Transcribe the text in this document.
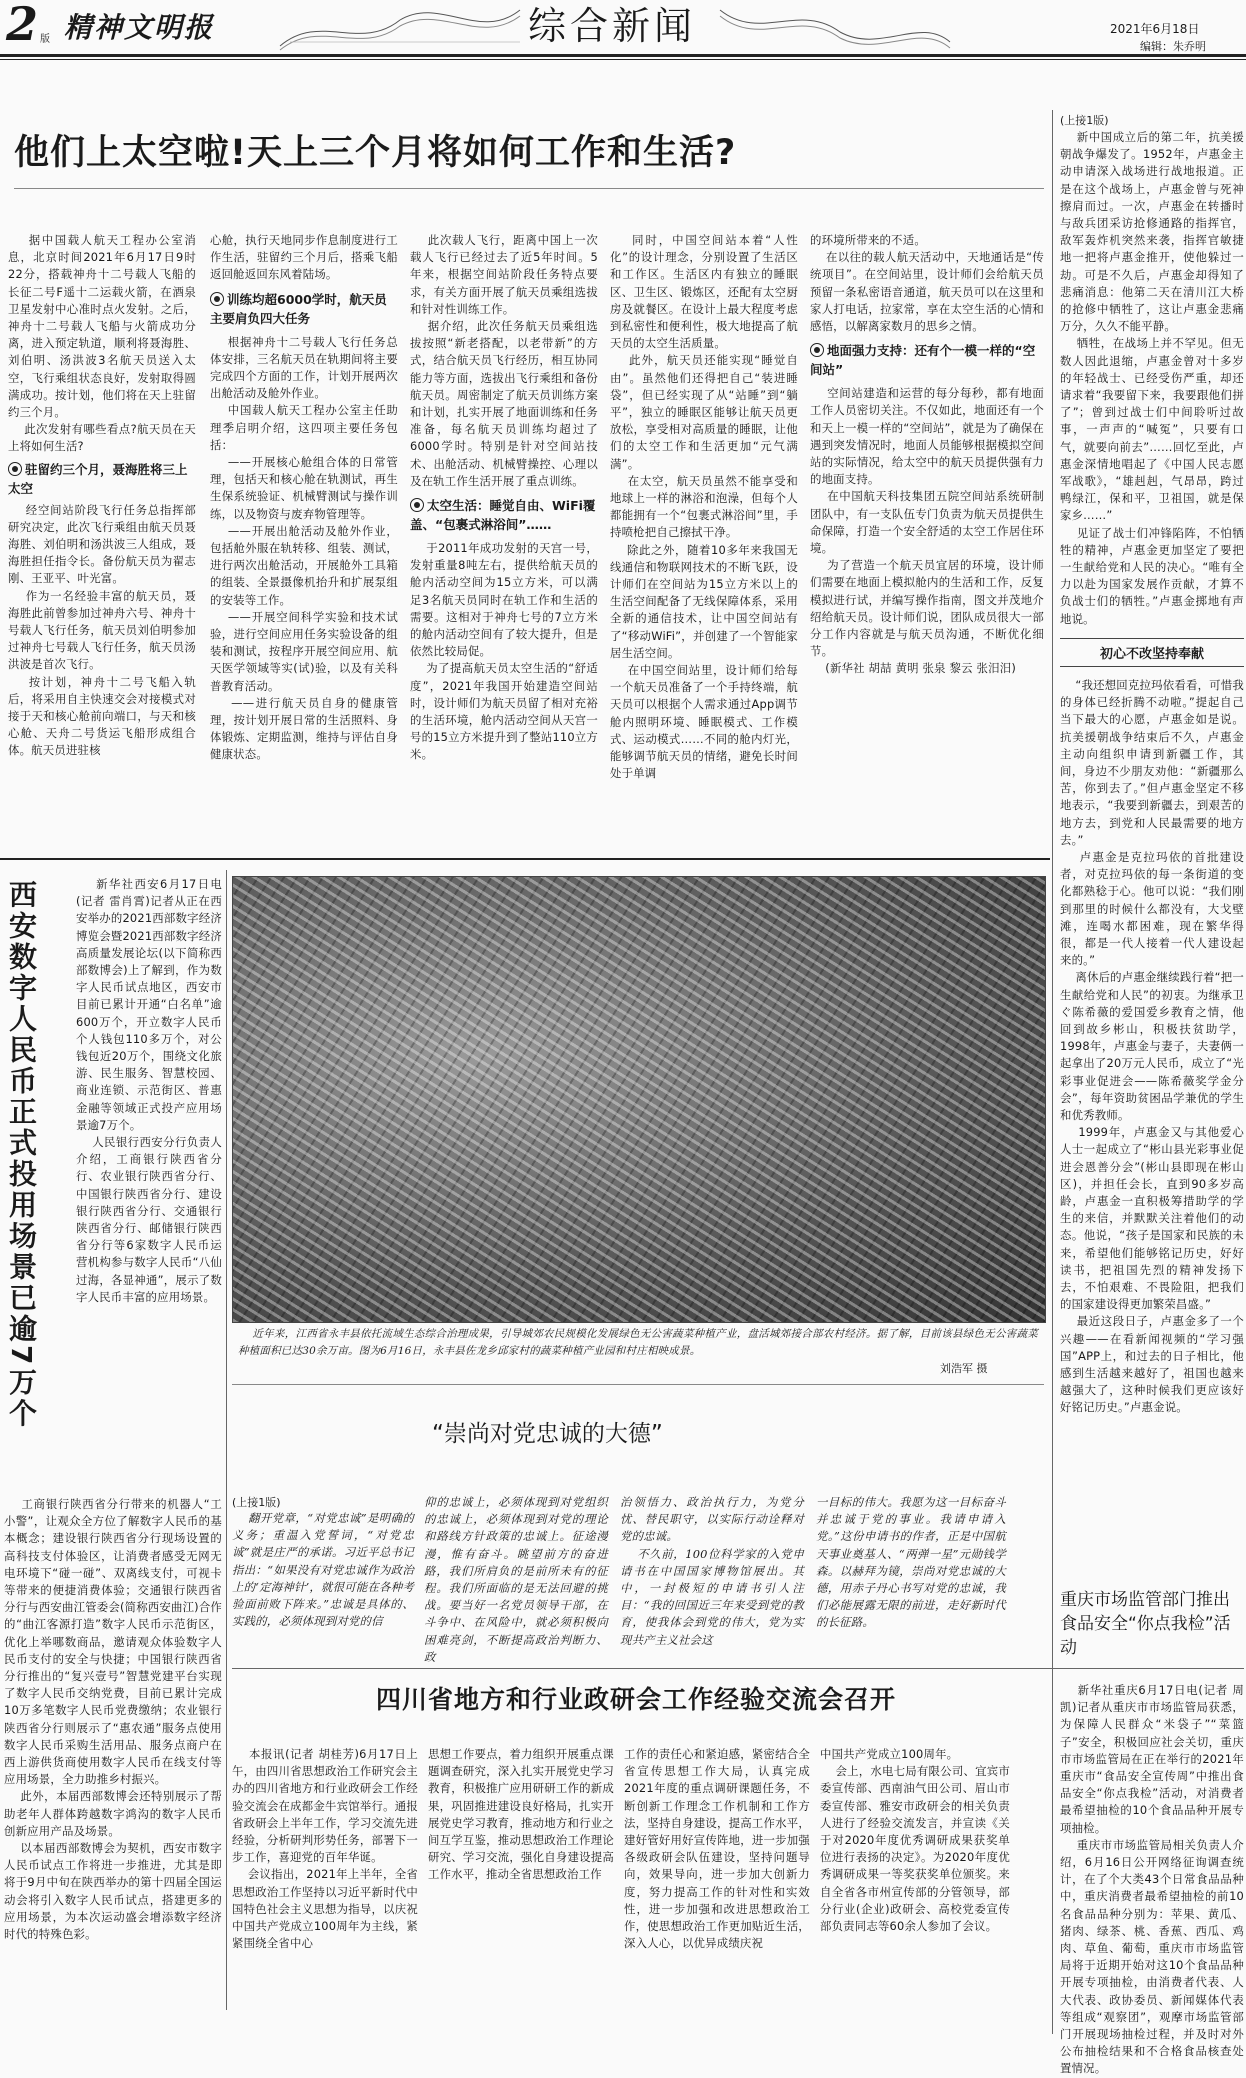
2 版 精神文明报	综合新闻	2021年6月18日
编辑：朱乔明
他们上太空啦!天上三个月将如何工作和生活?
据中国载人航天工程办公室消息，北京时间2021年6月17日9时22分，搭载神舟十二号载人飞船的长征二号F遥十二运载火箭，在酒泉卫星发射中心准时点火发射。之后，神舟十二号载人飞船与火箭成功分离，进入预定轨道，顺利将聂海胜、刘伯明、汤洪波3名航天员送入太空，飞行乘组状态良好，发射取得圆满成功。按计划，他们将在天上驻留约三个月。
此次发射有哪些看点?航天员在天上将如何生活?
驻留约三个月，聂海胜将三上太空
经空间站阶段飞行任务总指挥部研究决定，此次飞行乘组由航天员聂海胜、刘伯明和汤洪波三人组成，聂海胜担任指令长。备份航天员为翟志刚、王亚平、叶光富。
作为一名经验丰富的航天员，聂海胜此前曾参加过神舟六号、神舟十号载人飞行任务，航天员刘伯明参加过神舟七号载人飞行任务，航天员汤洪波是首次飞行。
按计划，神舟十二号飞船入轨后，将采用自主快速交会对接模式对接于天和核心舱前向端口，与天和核心舱、天舟二号货运飞船形成组合体。航天员进驻核
心舱，执行天地同步作息制度进行工作生活，驻留约三个月后，搭乘飞船返回舱返回东风着陆场。
训练均超6000学时，航天员主要肩负四大任务
根据神舟十二号载人飞行任务总体安排，三名航天员在轨期间将主要完成四个方面的工作，计划开展两次出舱活动及舱外作业。
中国载人航天工程办公室主任助理季启明介绍，这四项主要任务包括：
——开展核心舱组合体的日常管理，包括天和核心舱在轨测试，再生生保系统验证、机械臂测试与操作训练，以及物资与废弃物管理等。
——开展出舱活动及舱外作业，包括舱外服在轨转移、组装、测试，进行两次出舱活动，开展舱外工具箱的组装、全景摄像机抬升和扩展泵组的安装等工作。
——开展空间科学实验和技术试验，进行空间应用任务实验设备的组装和测试，按程序开展空间应用、航天医学领域等实(试)验，以及有关科普教育活动。
——进行航天员自身的健康管理，按计划开展日常的生活照料、身体锻炼、定期监测，维持与评估自身健康状态。
此次载人飞行，距离中国上一次载人飞行已经过去了近5年时间。5年来，根据空间站阶段任务特点要求，有关方面开展了航天员乘组选拔和针对性训练工作。
据介绍，此次任务航天员乘组选拔按照“新老搭配，以老带新”的方式，结合航天员飞行经历，相互协同能力等方面，选拔出飞行乘组和备份航天员。周密制定了航天员训练方案和计划，扎实开展了地面训练和任务准备，每名航天员训练均超过了6000学时。特别是针对空间站技术、出舱活动、机械臂操控、心理以及在轨工作生活开展了重点训练。
太空生活：睡觉自由、WiFi覆盖、“包裹式淋浴间”……
于2011年成功发射的天宫一号，发射重量8吨左右，提供给航天员的舱内活动空间为15立方米，可以满足3名航天员同时在轨工作和生活的需要。这相对于神舟七号的7立方米的舱内活动空间有了较大提升，但是依然比较局促。
为了提高航天员太空生活的“舒适度”，2021年我国开始建造空间站时，设计师们为航天员留了相对充裕的生活环境，舱内活动空间从天宫一号的15立方米提升到了整站110立方米。
同时，中国空间站本着“人性化”的设计理念，分别设置了生活区和工作区。生活区内有独立的睡眠区、卫生区、锻炼区，还配有太空厨房及就餐区。在设计上最大程度考虑到私密性和便利性，极大地提高了航天员的太空生活质量。
此外，航天员还能实现“睡觉自由”。虽然他们还得把自己“装进睡袋”，但已经实现了从“站睡”到“躺平”，独立的睡眠区能够让航天员更放松，享受相对高质量的睡眠，让他们的太空工作和生活更加“元气满满”。
在太空，航天员虽然不能享受和地球上一样的淋浴和泡澡，但每个人都能拥有一个“包裹式淋浴间”里，手持喷枪把自己擦拭干净。
除此之外，随着10多年来我国无线通信和物联网技术的不断飞跃，设计师们在空间站为15立方米以上的生活空间配备了无线保障体系，采用全新的通信技术，让中国空间站有了“移动WiFi”，并创建了一个智能家居生活空间。
在中国空间站里，设计师们给每一个航天员准备了一个手持终端，航天员可以根据个人需求通过App调节舱内照明环境、睡眠模式、工作模式、运动模式……不同的舱内灯光，能够调节航天员的情绪，避免长时间处于单调
的环境所带来的不适。
在以往的载人航天活动中，天地通话是“传统项目”。在空间站里，设计师们会给航天员预留一条私密语音通道，航天员可以在这里和家人打电话，拉家常，享在太空生活的心情和感悟，以解离家数月的思乡之情。
地面强力支持：还有个一模一样的“空间站”
空间站建造和运营的每分每秒，都有地面工作人员密切关注。不仅如此，地面还有一个和天上一模一样的“空间站”，就是为了确保在遇到突发情况时，地面人员能够根据模拟空间站的实际情况，给太空中的航天员提供强有力的地面支持。
在中国航天科技集团五院空间站系统研制团队中，有一支队伍专门负责为航天员提供生命保障，打造一个安全舒适的太空工作居住环境。
为了营造一个航天员宜居的环境，设计师们需要在地面上模拟舱内的生活和工作，反复模拟进行试，并编写操作指南，图文并茂地介绍给航天员。设计师们说，团队成员很大一部分工作内容就是与航天员沟通，不断优化细节。
(新华社 胡喆 黄明 张泉 黎云 张汨汨)
(上接1版)
新中国成立后的第二年，抗美援朝战争爆发了。1952年，卢惠金主动申请深入战场进行战地报道。正是在这个战场上，卢惠金曾与死神擦肩而过。一次，卢惠金在转播时与敌兵团采访抢修通路的指挥官，敌军轰炸机突然来袭，指挥官敏捷地一把将卢惠金推开，使他躲过一劫。可是不久后，卢惠金却得知了悲痛消息：他第二天在清川江大桥的抢修中牺牲了，这让卢惠金悲痛万分，久久不能平静。
牺牲，在战场上并不罕见。但无数人因此退缩，卢惠金曾对十多岁的年轻战士、已经受伤严重，却还请求着“我要留下来，我要跟他们拼了”；曾到过战士们中间聆听过故事，一声声的“喊冤”，只要有口气，就要向前去”……回忆至此，卢惠金深情地唱起了《中国人民志愿军战歌》，“雄赳赳，气昂昂，跨过鸭绿江，保和平，卫祖国，就是保家乡……”
见证了战士们冲锋陷阵，不怕牺牲的精神，卢惠金更加坚定了要把一生献给党和人民的决心。“唯有全力以赴为国家发展作贡献，才算不负战士们的牺牲。”卢惠金掷地有声地说。
初心不改坚持奉献
“我还想回克拉玛依看看，可惜我的身体已经折腾不动啦。”提起自己当下最大的心愿，卢惠金如是说。抗美援朝战争结束后不久，卢惠金主动向组织申请到新疆工作，其间，身边不少朋友劝他：“新疆那么苦，你到去了。”但卢惠金坚定不移地表示，“我要到新疆去，到艰苦的地方去，到党和人民最需要的地方去。”
卢惠金是克拉玛依的首批建设者，对克拉玛依的每一条街道的变化都熟稔于心。他可以说：“我们刚到那里的时候什么都没有，大戈壁滩，连喝水都困难，现在繁华得很，都是一代人接着一代人建设起来的。”
离休后的卢惠金继续践行着“把一生献给党和人民”的初衷。为继承卫ぐ陈希薇的爱国爱乡教育之情，他回到故乡彬山，积极扶贫助学，1998年，卢惠金与妻子，夫妻俩一起拿出了20万元人民币，成立了“光彩事业促进会——陈希薇奖学金分会”，每年资助贫困品学兼优的学生和优秀教师。
1999年，卢惠金又与其他爱心人士一起成立了“彬山县光彩事业促进会恩善分会”(彬山县即现在彬山区)，并担任会长，直到90多岁高龄，卢惠金一直积极筹措助学的学生的来信，并默默关注着他们的动态。他说，“孩子是国家和民族的未来，希望他们能够铭记历史，好好读书，把祖国先烈的精神发扬下去，不怕艰难、不畏险阻，把我们的国家建设得更加繁荣昌盛。”
最近这段日子，卢惠金多了一个兴趣——在看新闻视频的“学习强国”APP上，和过去的日子相比，他感到生活越来越好了，祖国也越来越强大了，这种时候我们更应该好好铭记历史。”卢惠金说。
西安数字人民币正式投用场景已逾7万个	新华社西安6月17日电(记者 雷肖霄)记者从正在西安举办的2021西部数字经济博览会暨2021西部数字经济高质量发展论坛(以下简称西部数博会)上了解到，作为数字人民币试点地区，西安市目前已累计开通“白名单”逾600万个，开立数字人民币个人钱包110多万个，对公钱包近20万个，围绕文化旅游、民生服务、智慧校园、商业连锁、示范街区、普惠金融等领域正式投产应用场景逾7万个。
人民银行西安分行负责人介绍，工商银行陕西省分行、农业银行陕西省分行、中国银行陕西省分行、建设银行陕西省分行、交通银行陕西省分行、邮储银行陕西省分行等6家数字人民币运营机构参与数字人民币“八仙过海，各显神通”，展示了数字人民币丰富的应用场景。
工商银行陕西省分行带来的机器人“工小警”，让观众全方位了解数字人民币的基本概念；建设银行陕西省分行现场设置的高科技支付体验区，让消费者感受无网无电环境下“碰一碰”、双离线支付，可视卡等带来的便捷消费体验；交通银行陕西省分行与西安曲江管委会(简称西安曲江)合作的“曲江客源打造”数字人民币示范街区，优化上举哪数商品，邀请观众体验数字人民币支付的安全与快捷；中国银行陕西省分行推出的“复兴壹号”智慧党建平台实现了数字人民币交纳党费，目前已累计完成10万多笔数字人民币党费缴纳；农业银行陕西省分行则展示了“惠农通”服务点使用数字人民币采购生活用品、服务点商户在西上游供货商使用数字人民币在线支付等应用场景，全力助推乡村振兴。
此外，本届西部数博会还特别展示了帮助老年人群体跨越数字鸿沟的数字人民币创新应用产品及场景。
以本届西部数博会为契机，西安市数字人民币试点工作将进一步推进，尤其是即将于9月中旬在陕西举办的第十四届全国运动会将引入数字人民币试点，搭建更多的应用场景，为本次运动盛会增添数字经济时代的特殊色彩。
近年来，江西省永丰县依托流域生态综合治理成果，引导城郊农民规模化发展绿色无公害蔬菜种植产业，盘活城郊接合部农村经济。据了解，目前该县绿色无公害蔬菜种植面积已达30余万亩。图为6月16日，永丰县佐龙乡邱家村的蔬菜种植产业园和村庄相映成景。
刘浩军 摄
“崇尚对党忠诚的大德”
(上接1版)
翻开党章，“对党忠诚”是明确的义务；重温入党誓词，“对党忠诚”就是庄严的承诺。习近平总书记指出：“如果没有对党忠诚作为政治上的‘定海神针’，就很可能在各种考验面前败下阵来。”忠诚是具体的、实践的，必须体现到对党的信
仰的忠诚上，必须体现到对党组织的忠诚上，必须体现到对党的理论和路线方针政策的忠诚上。征途漫漫，惟有奋斗。眺望前方的奋进路，我们所肩负的是前所未有的征程。我们所面临的是无法回避的挑战。要当好一名党员领导干部，在斗争中、在风险中，就必须积极向困难亮剑，不断提高政治判断力、政
治领悟力、政治执行力，为党分忧、替民职守，以实际行动诠释对党的忠诚。
不久前，100位科学家的入党申请书在中国国家博物馆展出。其中，一封极短的申请书引人注目：“我的回国近三年来受到党的教育，使我体会到党的伟大，党为实现共产主义社会这
一目标的伟大。我愿为这一目标奋斗并忠诚于党的事业。我请申请入党。”这份申请书的作者，正是中国航天事业奠基人、“两弹一星”元勋钱学森。以赫拜为镜，崇尚对党忠诚的大德，用赤子丹心书写对党的忠诚，我们必能展露无限的前进，走好新时代的长征路。
四川省地方和行业政研会工作经验交流会召开
本报讯(记者 胡桂芳)6月17日上午，由四川省思想政治工作研究会主办的四川省地方和行业政研会工作经验交流会在成都金牛宾馆举行。通报省政研会上半年工作，学习交流先进经验，分析研判形势任务，部署下一步工作，喜迎党的百年华诞。
会议指出，2021年上半年，全省思想政治工作坚持以习近平新时代中国特色社会主义思想为指导，以庆祝中国共产党成立100周年为主线，紧紧围绕全省中心
思想工作要点，着力组织开展重点课题调查研究，深入扎实开展党史学习教育，积极推广应用研研工作的新成果，巩固推进建设良好格局，扎实开展党史学习教育，推动地方和行业之间互学互鉴，推动思想政治工作理论研究、学习交流，强化自身建设提高工作水平，推动全省思想政治工作
工作的责任心和紧迫感，紧密结合全省宣传思想工作大局，认真完成2021年度的重点调研课题任务，不断创新工作理念工作机制和工作方法，坚持自身建设，提高工作水平，建好管好用好宣传阵地，进一步加强各级政研会队伍建设，坚持问题导向，效果导向，进一步加大创新力度，努力提高工作的针对性和实效性，进一步加强和改进思想政治工作，使思想政治工作更加贴近生活，深入人心，以优异成绩庆祝
中国共产党成立100周年。
会上，水电七局有限公司、宜宾市委宣传部、西南油气田公司、眉山市委宣传部、雅安市政研会的相关负责人进行了经验交流发言，并宣读《关于对2020年度优秀调研成果获奖单位进行表扬的决定》。为2020年度优秀调研成果一等奖获奖单位颁奖。来自全省各市州宣传部的分管领导，部分行业(企业)政研会、高校党委宣传部负责同志等60余人参加了会议。
重庆市场监管部门推出食品安全“你点我检”活动
新华社重庆6月17日电(记者 周凯)记者从重庆市市场监管局获悉，为保障人民群众“米袋子”“菜篮子”安全，积极回应社会关切，重庆市市场监管局在正在举行的2021年重庆市“食品安全宣传周”中推出食品安全“你点我检”活动，对消费者最希望抽检的10个食品品种开展专项抽检。
重庆市市场监管局相关负责人介绍，6月16日公开网络征询调查统计，在了个大类43个日常食品品种中，重庆消费者最希望抽检的前10名食品品种分别为：苹果、黄瓜、猪肉、绿茶、桃、香蕉、西瓜、鸡肉、草鱼、葡萄，重庆市市场监管局将于近期开始对这10个食品品种开展专项抽检，由消费者代表、人大代表、政协委员、新闻媒体代表等组成“观察团”，观摩市场监管部门开展现场抽检过程，并及时对外公布抽检结果和不合格食品核查处置情况。
